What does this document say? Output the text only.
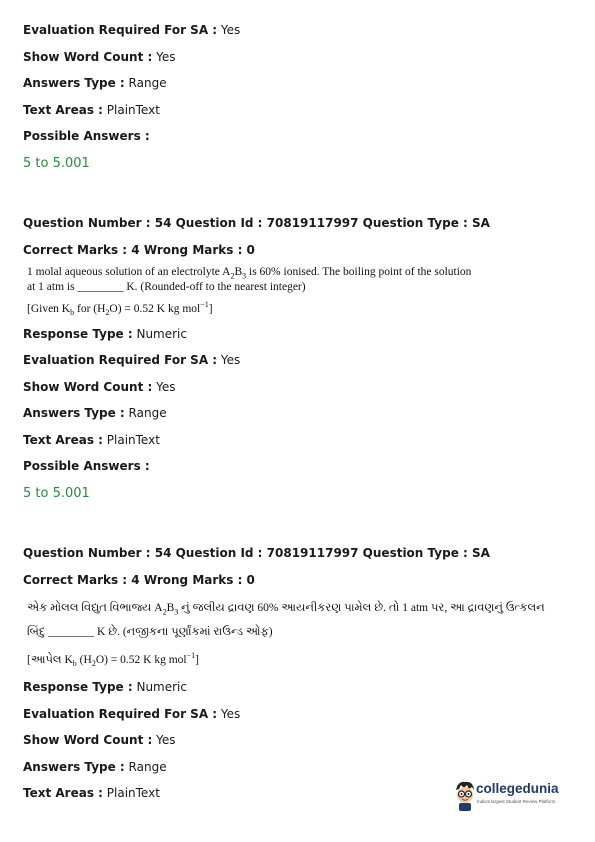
Evaluation Required For SA : Yes
Show Word Count : Yes
Answers Type : Range
Text Areas : PlainText
Possible Answers :
5 to 5.001
Question Number : 54 Question Id : 70819117997 Question Type : SA
Correct Marks : 4 Wrong Marks : 0
1 molal aqueous solution of an electrolyte $A_2B_3$ is 60% ionised. The boiling point of the solution
at 1 atm is ________ K. (Rounded-off to the nearest integer)
[Given $K_b$ for $(H_2O) = 0.52$ K kg mol$^{-1}$]
Response Type : Numeric
Evaluation Required For SA : Yes
Show Word Count : Yes
Answers Type : Range
Text Areas : PlainText
Possible Answers :
5 to 5.001
Question Number : 54 Question Id : 70819117997 Question Type : SA
Correct Marks : 4 Wrong Marks : 0
એક મોલલ વિદ્યુત વિભાજ્ય $A_2B_3$ નું જલીય દ્રાવણ 60% આયનીકરણ પામેલ છે. તો 1 atm પર, આ દ્રાવણનું ઉત્કલન
બિંદુ ________ K છે. (નજીકના પૂર્ણાંકમાં રાઉન્ડ ઓફ)
[આપેલ $K_b$ $(H_2O) = 0.52$ K kg mol$^{-1}$]
Response Type : Numeric
Evaluation Required For SA : Yes
Show Word Count : Yes
Answers Type : Range
Text Areas : PlainText	collegedunia
India's largest Student Review Platform
